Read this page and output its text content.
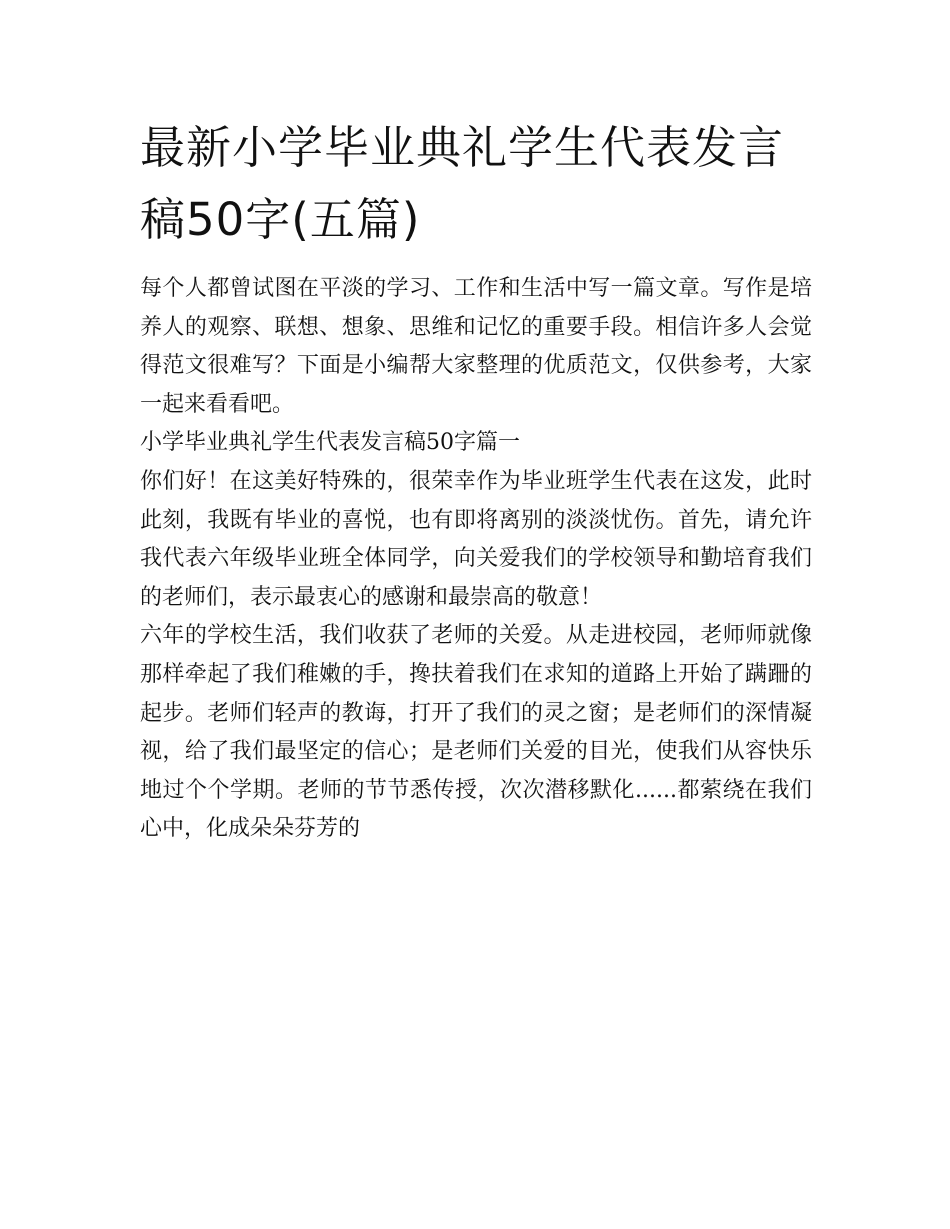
最新小学毕业典礼学生代表发言稿50字(五篇)

每个人都曾试图在平淡的学习、工作和生活中写一篇文章。写作是培养人的观察、联想、想象、思维和记忆的重要手段。相信许多人会觉得范文很难写？下面是小编帮大家整理的优质范文，仅供参考，大家一起来看看吧。

小学毕业典礼学生代表发言稿50字篇一

你们好！在这美好特殊的，很荣幸作为毕业班学生代表在这发，此时此刻，我既有毕业的喜悦，也有即将离别的淡淡忧伤。首先，请允许我代表六年级毕业班全体同学，向关爱我们的学校领导和勤培育我们的老师们，表示最衷心的感谢和最崇高的敬意！

六年的学校生活，我们收获了老师的关爱。从走进校园，老师师就像那样牵起了我们稚嫩的手，搀扶着我们在求知的道路上开始了蹒跚的起步。老师们轻声的教诲，打开了我们的灵之窗；是老师们的深情凝视，给了我们最坚定的信心；是老师们关爱的目光，使我们从容快乐地过个个学期。老师的节节悉传授，次次潜移默化......都萦绕在我们心中，化成朵朵芬芳的
